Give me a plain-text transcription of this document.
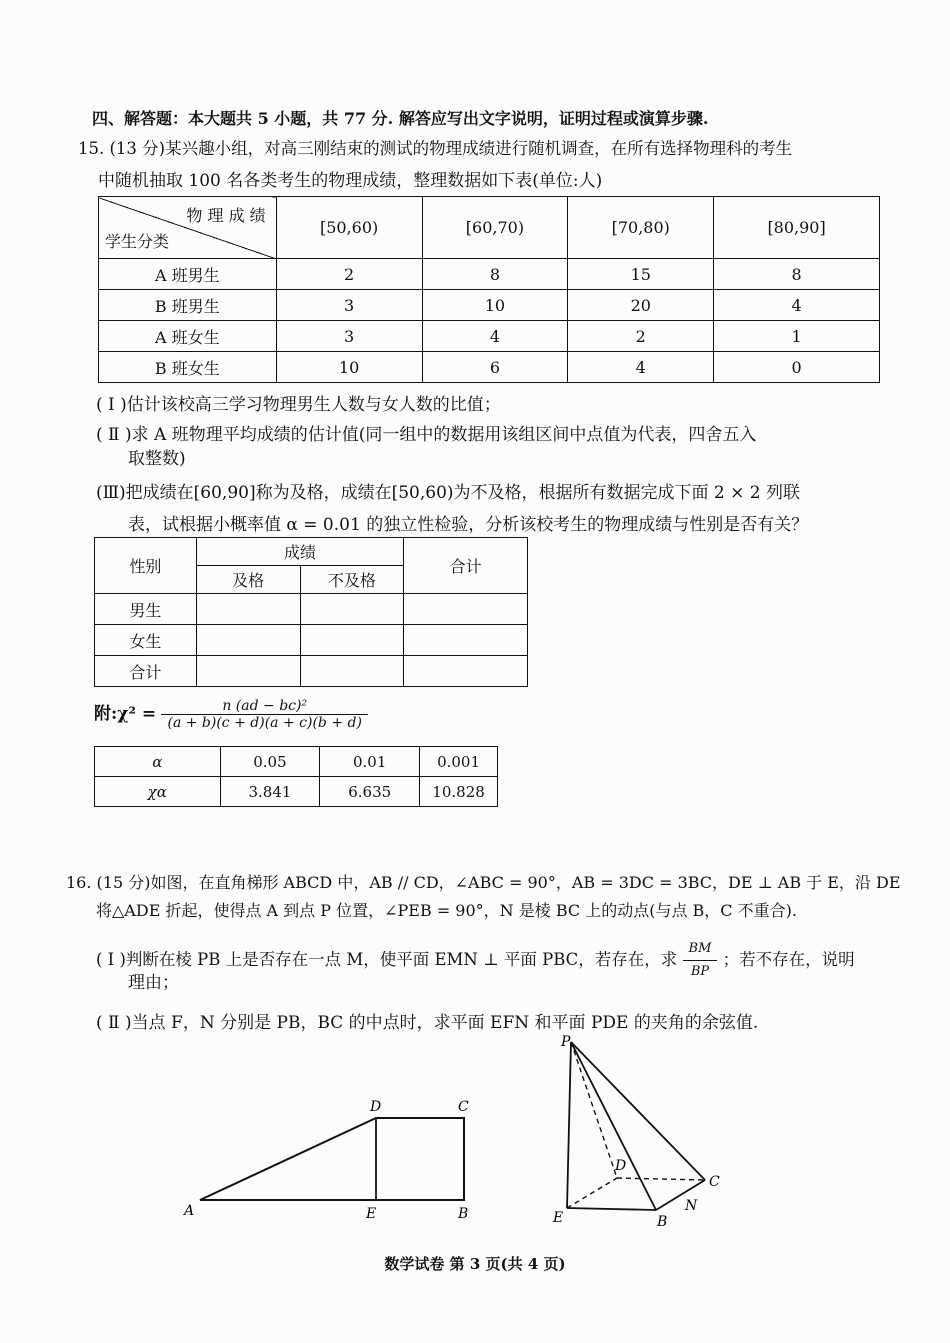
四、解答题：本大题共 5 小题，共 77 分. 解答应写出文字说明，证明过程或演算步骤.
15. (13 分)某兴趣小组，对高三刚结束的测试的物理成绩进行随机调查，在所有选择物理科的考生
中随机抽取 100 名各类考生的物理成绩，整理数据如下表(单位:人)
物 理 成 绩
学生分类	[50,60)	[60,70)	[70,80)	[80,90]
A 班男生	2	8	15	8
B 班男生	3	10	20	4
A 班女生	3	4	2	1
B 班女生	10	6	4	0
( Ⅰ )估计该校高三学习物理男生人数与女人数的比值；
( Ⅱ )求 A 班物理平均成绩的估计值(同一组中的数据用该组区间中点值为代表，四舍五入
取整数)
(Ⅲ)把成绩在[60,90]称为及格，成绩在[50,60)为不及格，根据所有数据完成下面 2 × 2 列联
表，试根据小概率值 α = 0.01 的独立性检验，分析该校考生的物理成绩与性别是否有关？
性别	成绩		合计
	及格	不及格	
男生			
女生			
合计			
附:χ² = $\frac{\text{n (ad − bc)²}}{(a + b)(c + d)(a + c)(b + d)}$
α	0.05	0.01	0.001
χα	3.841	6.635	10.828
16. (15 分)如图，在直角梯形 ABCD 中，AB // CD，∠ABC = 90°，AB = 3DC = 3BC，DE ⊥ AB 于 E，沿 DE
将△ADE 折起，使得点 A 到点 P 位置，∠PEB = 90°，N 是棱 BC 上的动点(与点 B，C 不重合).
( Ⅰ )判断在棱 PB 上是否存在一点 M，使平面 EMN ⊥ 平面 PBC，若存在，求 $\frac{BM}{BP}$ ；若不存在，说明
理由；
( Ⅱ )当点 F，N 分别是 PB，BC 的中点时，求平面 EFN 和平面 PDE 的夹角的余弦值.
A
D	C
E	B
P
D
C
E	B
N
数学试卷 第 3 页(共 4 页)
